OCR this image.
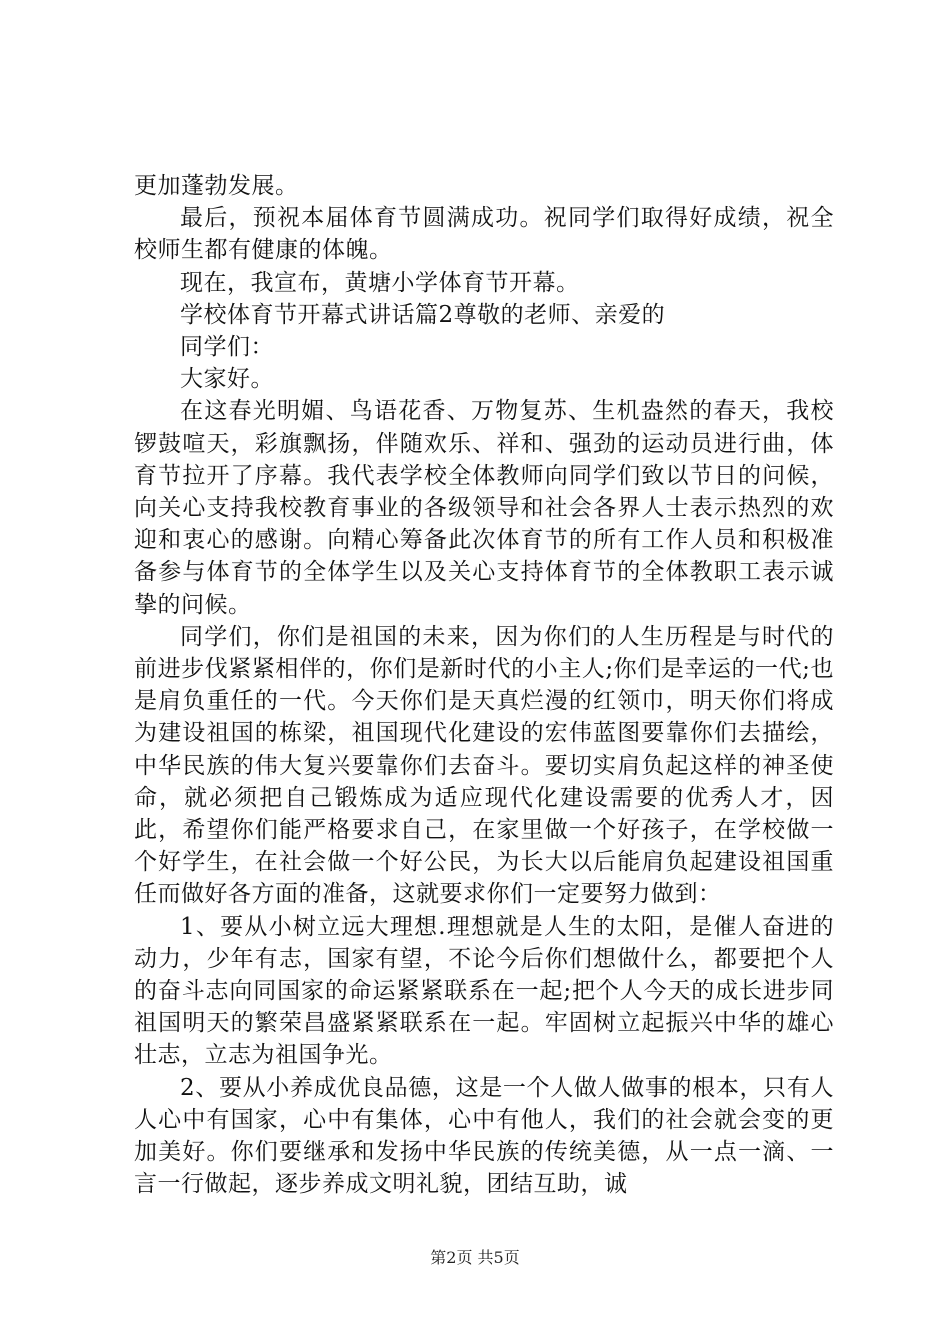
更加蓬勃发展。

最后，预祝本届体育节圆满成功。祝同学们取得好成绩，祝全校师生都有健康的体魄。

现在，我宣布，黄塘小学体育节开幕。

学校体育节开幕式讲话篇2尊敬的老师、亲爱的

同学们：

大家好。

在这春光明媚、鸟语花香、万物复苏、生机盎然的春天，我校锣鼓喧天，彩旗飘扬，伴随欢乐、祥和、强劲的运动员进行曲，体育节拉开了序幕。我代表学校全体教师向同学们致以节日的问候，向关心支持我校教育事业的各级领导和社会各界人士表示热烈的欢迎和衷心的感谢。向精心筹备此次体育节的所有工作人员和积极准备参与体育节的全体学生以及关心支持体育节的全体教职工表示诚挚的问候。

同学们，你们是祖国的未来，因为你们的人生历程是与时代的前进步伐紧紧相伴的，你们是新时代的小主人;你们是幸运的一代;也是肩负重任的一代。今天你们是天真烂漫的红领巾，明天你们将成为建设祖国的栋梁，祖国现代化建设的宏伟蓝图要靠你们去描绘，中华民族的伟大复兴要靠你们去奋斗。要切实肩负起这样的神圣使命，就必须把自己锻炼成为适应现代化建设需要的优秀人才，因此，希望你们能严格要求自己，在家里做一个好孩子，在学校做一个好学生，在社会做一个好公民，为长大以后能肩负起建设祖国重任而做好各方面的准备，这就要求你们一定要努力做到：

1、要从小树立远大理想.理想就是人生的太阳，是催人奋进的动力，少年有志，国家有望，不论今后你们想做什么，都要把个人的奋斗志向同国家的命运紧紧联系在一起;把个人今天的成长进步同祖国明天的繁荣昌盛紧紧联系在一起。牢固树立起振兴中华的雄心壮志，立志为祖国争光。

2、要从小养成优良品德，这是一个人做人做事的根本，只有人人心中有国家，心中有集体，心中有他人，我们的社会就会变的更加美好。你们要继承和发扬中华民族的传统美德，从一点一滴、一言一行做起，逐步养成文明礼貌，团结互助，诚

第2页 共5页
